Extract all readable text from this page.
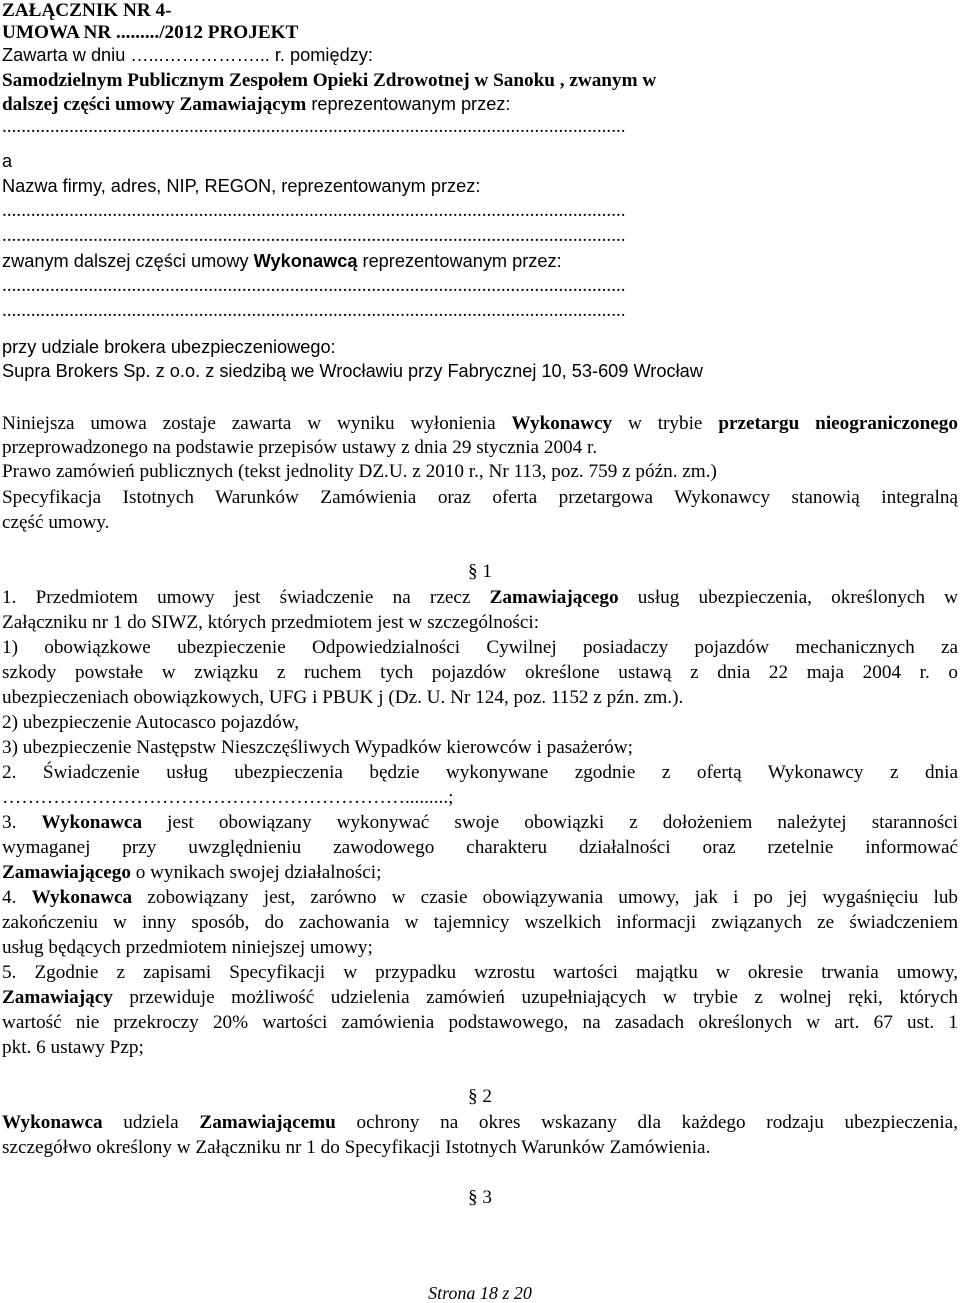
ZAŁĄCZNIK NR 4-
UMOWA NR ........./2012 PROJEKT
Zawarta w dniu …...……………... r. pomiędzy:
Samodzielnym Publicznym Zespołem Opieki Zdrowotnej w Sanoku , zwanym w
dalszej części umowy Zamawiającym reprezentowanym przez:
..................................................................................................................................
a
Nazwa firmy, adres, NIP, REGON, reprezentowanym przez:
..................................................................................................................................
..................................................................................................................................
zwanym dalszej części umowy Wykonawcą reprezentowanym przez:
..................................................................................................................................
..................................................................................................................................
przy udziale brokera ubezpieczeniowego:
Supra Brokers Sp. z o.o. z siedzibą we Wrocławiu przy Fabrycznej 10, 53-609 Wrocław
Niniejsza umowa zostaje zawarta w wyniku wyłonienia Wykonawcy w trybie przetargu nieograniczonego
przeprowadzonego na podstawie przepisów ustawy z dnia 29 stycznia 2004 r.
Prawo zamówień publicznych (tekst jednolity DZ.U. z 2010 r., Nr 113, poz. 759 z późn. zm.)
Specyfikacja Istotnych Warunków Zamówienia oraz oferta przetargowa Wykonawcy stanowią integralną
część umowy.
§ 1
1. Przedmiotem umowy jest świadczenie na rzecz Zamawiającego usług ubezpieczenia, określonych w
Załączniku nr 1 do SIWZ, których przedmiotem jest w szczególności:
1) obowiązkowe ubezpieczenie Odpowiedzialności Cywilnej posiadaczy pojazdów mechanicznych za
szkody powstałe w związku z ruchem tych pojazdów określone ustawą z dnia 22 maja 2004 r. o
ubezpieczeniach obowiązkowych, UFG i PBUK j (Dz. U. Nr 124, poz. 1152 z pźn. zm.).
2) ubezpieczenie Autocasco pojazdów,
3) ubezpieczenie Następstw Nieszczęśliwych Wypadków kierowców i pasażerów;
2. Świadczenie usług ubezpieczenia będzie wykonywane zgodnie z ofertą Wykonawcy z dnia
……………………………………………………….........;
3. Wykonawca jest obowiązany wykonywać swoje obowiązki z dołożeniem należytej staranności
wymaganej przy uwzględnieniu zawodowego charakteru działalności oraz rzetelnie informować
Zamawiającego o wynikach swojej działalności;
4. Wykonawca zobowiązany jest, zarówno w czasie obowiązywania umowy, jak i po jej wygaśnięciu lub
zakończeniu w inny sposób, do zachowania w tajemnicy wszelkich informacji związanych ze świadczeniem
usług będących przedmiotem niniejszej umowy;
5. Zgodnie z zapisami Specyfikacji w przypadku wzrostu wartości majątku w okresie trwania umowy,
Zamawiający przewiduje możliwość udzielenia zamówień uzupełniających w trybie z wolnej ręki, których
wartość nie przekroczy 20% wartości zamówienia podstawowego, na zasadach określonych w art. 67 ust. 1
pkt. 6 ustawy Pzp;
§ 2
Wykonawca udziela Zamawiającemu ochrony na okres wskazany dla każdego rodzaju ubezpieczenia,
szczegółwo określony w Załączniku nr 1 do Specyfikacji Istotnych Warunków Zamówienia.
§ 3
Strona 18 z 20
